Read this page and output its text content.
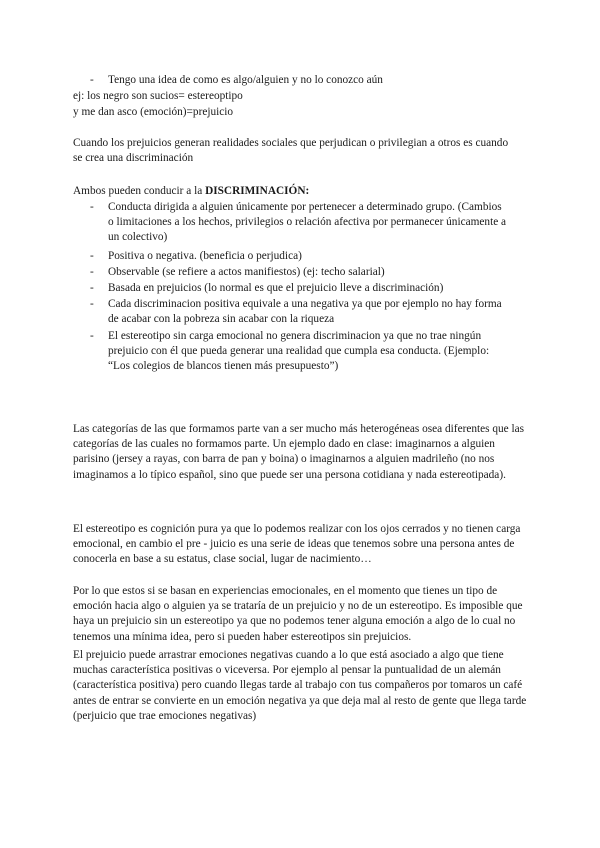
- Tengo una idea de como es algo/alguien y no lo conozco aún
ej: los negro son sucios= estereoptipo
y me dan asco (emoción)=prejuicio

Cuando los prejuicios generan realidades sociales que perjudican o privilegian a otros es cuando se crea una discriminación

Ambos pueden conducir a la DISCRIMINACIÓN:
- Conducta dirigida a alguien únicamente por pertenecer a determinado grupo. (Cambios o limitaciones a los hechos, privilegios o relación afectiva por permanecer únicamente a un colectivo)

- Positiva o negativa. (beneficia o perjudica)

- Observable (se refiere a actos manifiestos) (ej: techo salarial)

- Basada en prejuicios (lo normal es que el prejuicio lleve a discriminación)

- Cada discriminacion positiva equivale a una negativa ya que por ejemplo no hay forma de acabar con la pobreza sin acabar con la riqueza

- El estereotipo sin carga emocional no genera discriminacion ya que no trae ningún prejuicio con él que pueda generar una realidad que cumpla esa conducta. (Ejemplo: “Los colegios de blancos tienen más presupuesto”)

Las categorías de las que formamos parte van a ser mucho más heterogéneas osea diferentes que las categorías de las cuales no formamos parte. Un ejemplo dado en clase: imaginarnos a alguien parisino (jersey a rayas, con barra de pan y boina) o imaginarnos a alguien madrileño (no nos imaginamos a lo típico español, sino que puede ser una persona cotidiana y nada estereotipada).

El estereotipo es cognición pura ya que lo podemos realizar con los ojos cerrados y no tienen carga emocional, en cambio el pre - juicio es una serie de ideas que tenemos sobre una persona antes de conocerla en base a su estatus, clase social, lugar de nacimiento…

Por lo que estos si se basan en experiencias emocionales, en el momento que tienes un tipo de emoción hacia algo o alguien ya se trataría de un prejuicio y no de un estereotipo. Es imposible que haya un prejuicio sin un estereotipo ya que no podemos tener alguna emoción a algo de lo cual no tenemos una mínima idea, pero si pueden haber estereotipos sin prejuicios.

El prejuicio puede arrastrar emociones negativas cuando a lo que está asociado a algo que tiene muchas característica positivas o viceversa. Por ejemplo al pensar la puntualidad de un alemán (característica positiva) pero cuando llegas tarde al trabajo con tus compañeros por tomaros un café antes de entrar se convierte en un emoción negativa ya que deja mal al resto de gente que llega tarde (perjuicio que trae emociones negativas)
